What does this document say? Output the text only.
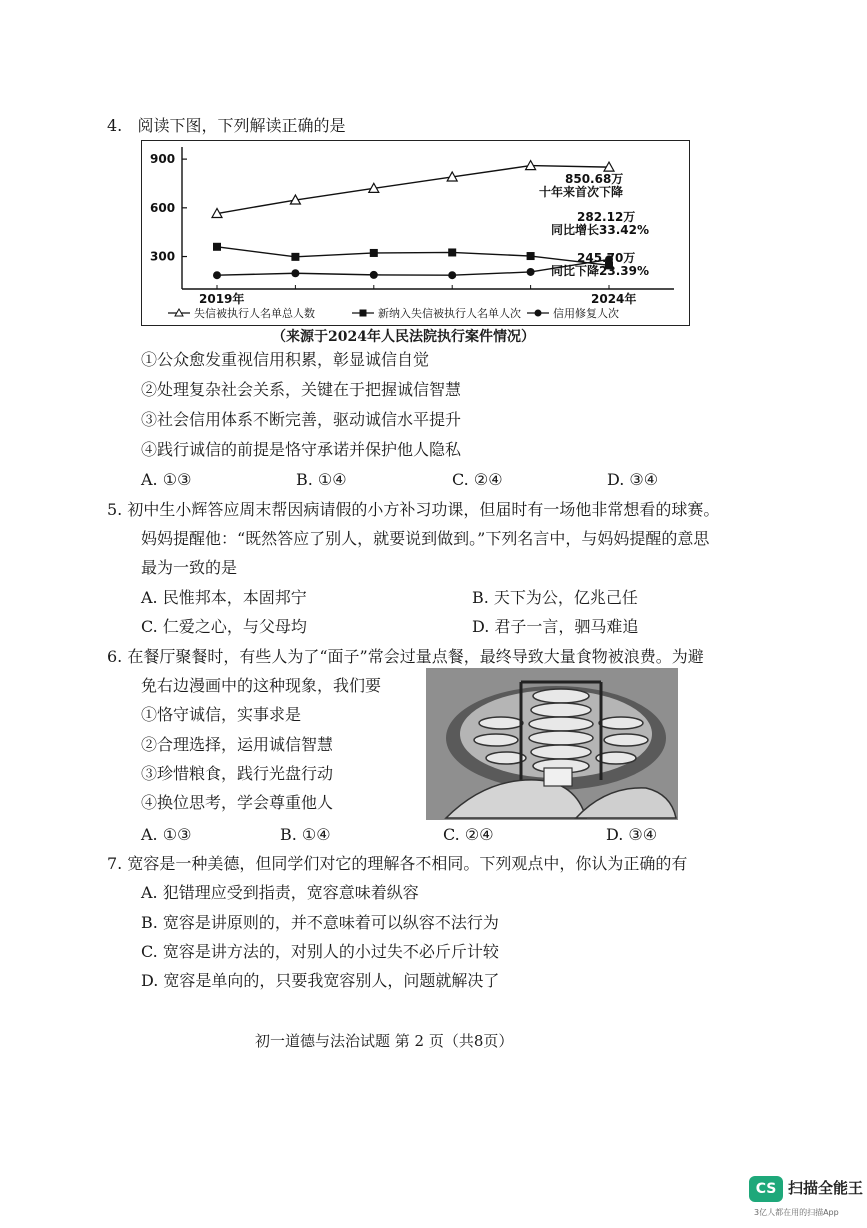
4. 阅读下图，下列解读正确的是
300
600
900
2019年	2024年
850.68万
十年来首次下降
282.12万
同比增长33.42%
245.70万
同比下降23.39%
失信被执行人名单总人数	新纳入失信被执行人名单人次	信用修复人次
（来源于2024年人民法院执行案件情况）
①公众愈发重视信用积累，彰显诚信自觉
②处理复杂社会关系，关键在于把握诚信智慧
③社会信用体系不断完善，驱动诚信水平提升
④践行诚信的前提是恪守承诺并保护他人隐私
A. ①③	B. ①④	C. ②④	D. ③④
5. 初中生小辉答应周末帮因病请假的小方补习功课，但届时有一场他非常想看的球赛。
妈妈提醒他：“既然答应了别人，就要说到做到。”下列名言中，与妈妈提醒的意思
最为一致的是
A. 民惟邦本，本固邦宁	B. 天下为公，亿兆己任
C. 仁爱之心，与父母均	D. 君子一言，驷马难追
6. 在餐厅聚餐时，有些人为了“面子”常会过量点餐，最终导致大量食物被浪费。为避
免右边漫画中的这种现象，我们要
①恪守诚信，实事求是
②合理选择，运用诚信智慧
③珍惜粮食，践行光盘行动
④换位思考，学会尊重他人
A. ①③	B. ①④	C. ②④	D. ③④
7. 宽容是一种美德，但同学们对它的理解各不相同。下列观点中，你认为正确的有
A. 犯错理应受到指责，宽容意味着纵容
B. 宽容是讲原则的，并不意味着可以纵容不法行为
C. 宽容是讲方法的，对别人的小过失不必斤斤计较
D. 宽容是单向的，只要我宽容别人，问题就解决了
初一道德与法治试题 第 2 页（共8页）
CS 扫描全能王
3亿人都在用的扫描App
